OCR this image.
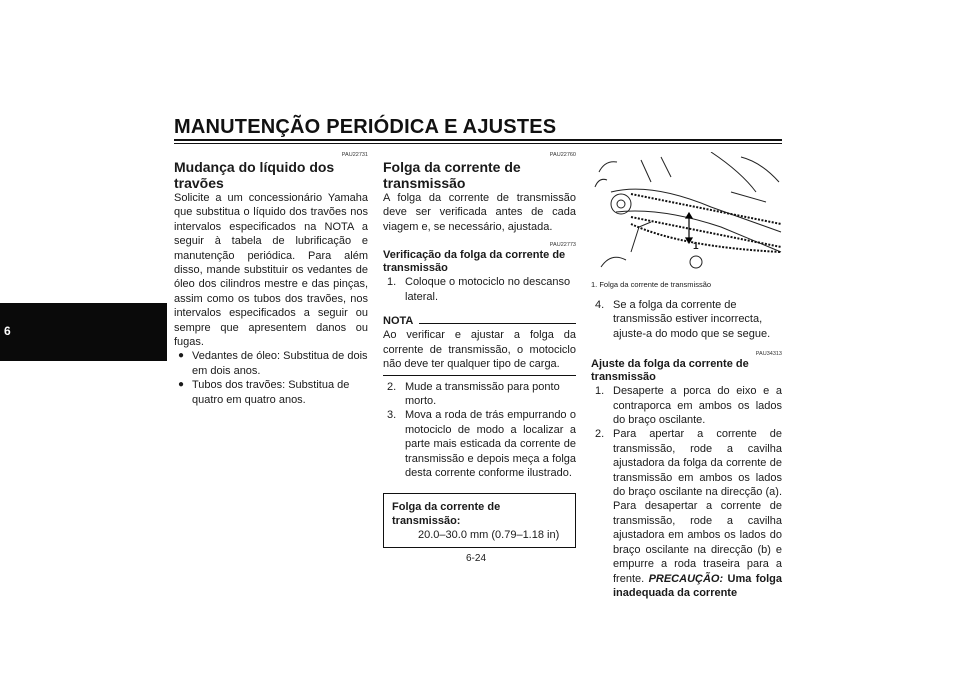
MANUTENÇÃO PERIÓDICA E AJUSTES
6
PAU22731
Mudança do líquido dos travões
Solicite a um concessionário Yamaha que substitua o líquido dos travões nos intervalos especificados na NOTA a seguir à tabela de lubrificação e manutenção periódica. Para além disso, mande substituir os vedantes de óleo dos cilindros mestre e das pinças, assim como os tubos dos travões, nos intervalos especificados a seguir ou sempre que apresentem danos ou fugas.
● Vedantes de óleo: Substitua de dois em dois anos.
● Tubos dos travões: Substitua de quatro em quatro anos.
PAU22760
Folga da corrente de transmissão
A folga da corrente de transmissão deve ser verificada antes de cada viagem e, se necessário, ajustada.
PAU22773
Verificação da folga da corrente de transmissão
1. Coloque o motociclo no descanso lateral.
NOTA
Ao verificar e ajustar a folga da corrente de transmissão, o motociclo não deve ter qualquer tipo de carga.
2. Mude a transmissão para ponto morto.
3. Mova a roda de trás empurrando o motociclo de modo a localizar a parte mais esticada da corrente de transmissão e depois meça a folga desta corrente conforme ilustrado.
Folga da corrente de transmissão:
20.0–30.0 mm (0.79–1.18 in)
1
1. Folga da corrente de transmissão
4. Se a folga da corrente de transmissão estiver incorrecta, ajuste-a do modo que se segue.
PAU34313
Ajuste da folga da corrente de transmissão
1. Desaperte a porca do eixo e a contraporca em ambos os lados do braço oscilante.
2. Para apertar a corrente de transmissão, rode a cavilha ajustadora da folga da corrente de transmissão em ambos os lados do braço oscilante na direcção (a). Para desapertar a corrente de transmissão, rode a cavilha ajustadora em ambos os lados do braço oscilante na direcção (b) e empurre a roda traseira para a frente. PRECAUÇÃO: Uma folga inadequada da corrente
6-24
